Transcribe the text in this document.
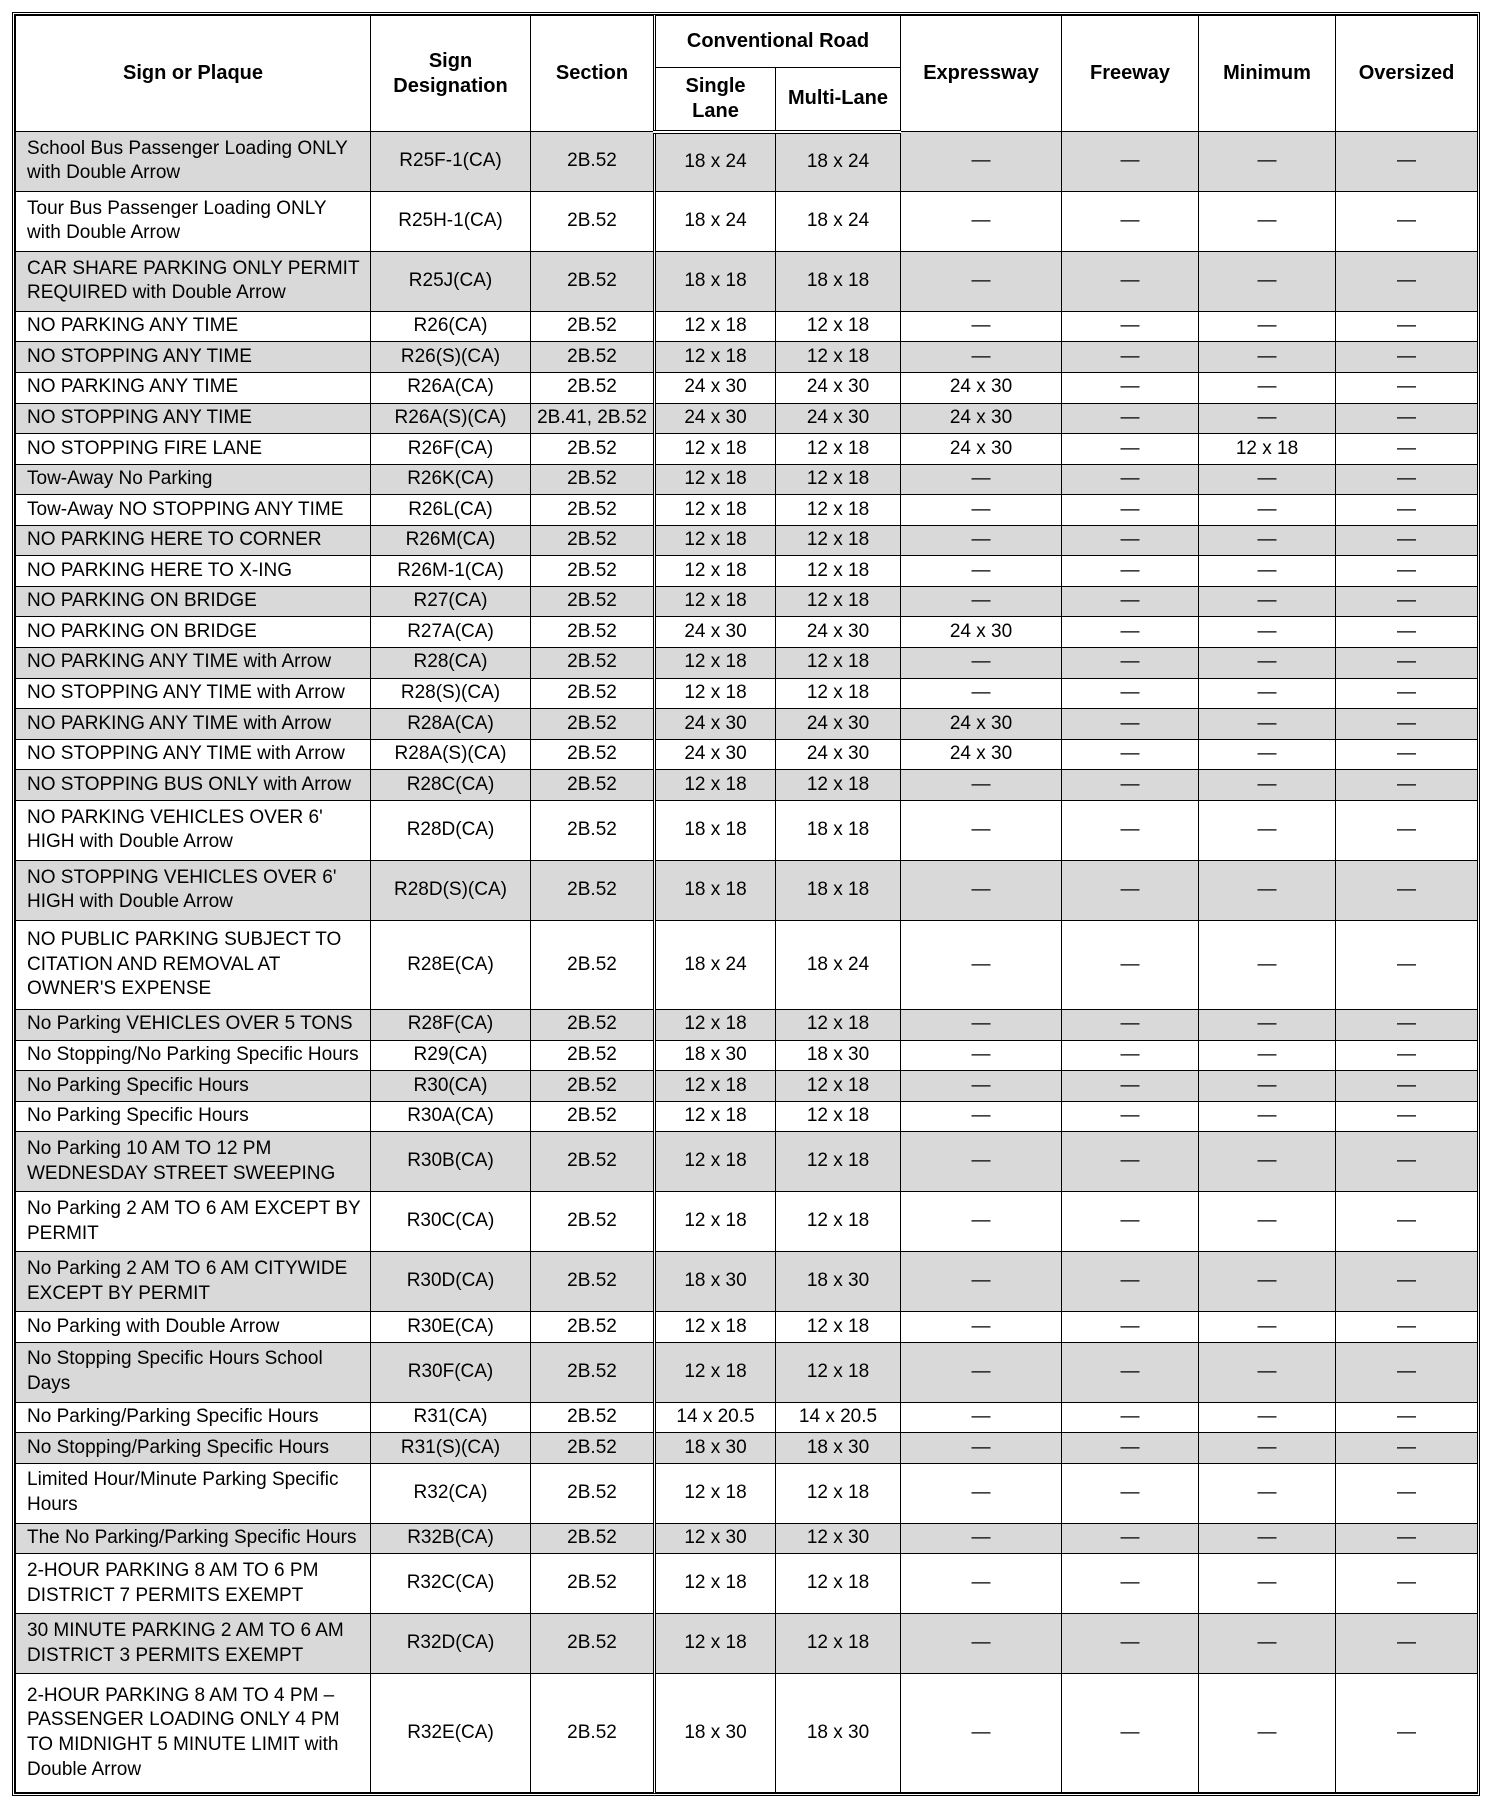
Sign or Plaque	Sign Designation	Section	Conventional Road		Expressway	Freeway	Minimum	Oversized
			Single Lane	Multi-Lane				
School Bus Passenger Loading ONLY with Double Arrow	R25F-1(CA)	2B.52	18 x 24	18 x 24	—	—	—	—
Tour Bus Passenger Loading ONLY with Double Arrow	R25H-1(CA)	2B.52	18 x 24	18 x 24	—	—	—	—
CAR SHARE PARKING ONLY PERMIT REQUIRED with Double Arrow	R25J(CA)	2B.52	18 x 18	18 x 18	—	—	—	—
NO PARKING ANY TIME	R26(CA)	2B.52	12 x 18	12 x 18	—	—	—	—
NO STOPPING ANY TIME	R26(S)(CA)	2B.52	12 x 18	12 x 18	—	—	—	—
NO PARKING ANY TIME	R26A(CA)	2B.52	24 x 30	24 x 30	24 x 30	—	—	—
NO STOPPING ANY TIME	R26A(S)(CA)	2B.41, 2B.52	24 x 30	24 x 30	24 x 30	—	—	—
NO STOPPING FIRE LANE	R26F(CA)	2B.52	12 x 18	12 x 18	24 x 30	—	12 x 18	—
Tow-Away No Parking	R26K(CA)	2B.52	12 x 18	12 x 18	—	—	—	—
Tow-Away NO STOPPING ANY TIME	R26L(CA)	2B.52	12 x 18	12 x 18	—	—	—	—
NO PARKING HERE TO CORNER	R26M(CA)	2B.52	12 x 18	12 x 18	—	—	—	—
NO PARKING HERE TO X-ING	R26M-1(CA)	2B.52	12 x 18	12 x 18	—	—	—	—
NO PARKING ON BRIDGE	R27(CA)	2B.52	12 x 18	12 x 18	—	—	—	—
NO PARKING ON BRIDGE	R27A(CA)	2B.52	24 x 30	24 x 30	24 x 30	—	—	—
NO PARKING ANY TIME with Arrow	R28(CA)	2B.52	12 x 18	12 x 18	—	—	—	—
NO STOPPING ANY TIME with Arrow	R28(S)(CA)	2B.52	12 x 18	12 x 18	—	—	—	—
NO PARKING ANY TIME with Arrow	R28A(CA)	2B.52	24 x 30	24 x 30	24 x 30	—	—	—
NO STOPPING ANY TIME with Arrow	R28A(S)(CA)	2B.52	24 x 30	24 x 30	24 x 30	—	—	—
NO STOPPING BUS ONLY with Arrow	R28C(CA)	2B.52	12 x 18	12 x 18	—	—	—	—
NO PARKING VEHICLES OVER 6' HIGH with Double Arrow	R28D(CA)	2B.52	18 x 18	18 x 18	—	—	—	—
NO STOPPING VEHICLES OVER 6' HIGH with Double Arrow	R28D(S)(CA)	2B.52	18 x 18	18 x 18	—	—	—	—
NO PUBLIC PARKING SUBJECT TO CITATION AND REMOVAL AT OWNER'S EXPENSE	R28E(CA)	2B.52	18 x 24	18 x 24	—	—	—	—
No Parking VEHICLES OVER 5 TONS	R28F(CA)	2B.52	12 x 18	12 x 18	—	—	—	—
No Stopping/No Parking Specific Hours	R29(CA)	2B.52	18 x 30	18 x 30	—	—	—	—
No Parking Specific Hours	R30(CA)	2B.52	12 x 18	12 x 18	—	—	—	—
No Parking Specific Hours	R30A(CA)	2B.52	12 x 18	12 x 18	—	—	—	—
No Parking 10 AM TO 12 PM WEDNESDAY STREET SWEEPING	R30B(CA)	2B.52	12 x 18	12 x 18	—	—	—	—
No Parking 2 AM TO 6 AM EXCEPT BY PERMIT	R30C(CA)	2B.52	12 x 18	12 x 18	—	—	—	—
No Parking 2 AM TO 6 AM CITYWIDE EXCEPT BY PERMIT	R30D(CA)	2B.52	18 x 30	18 x 30	—	—	—	—
No Parking with Double Arrow	R30E(CA)	2B.52	12 x 18	12 x 18	—	—	—	—
No Stopping Specific Hours School Days	R30F(CA)	2B.52	12 x 18	12 x 18	—	—	—	—
No Parking/Parking Specific Hours	R31(CA)	2B.52	14 x 20.5	14 x 20.5	—	—	—	—
No Stopping/Parking Specific Hours	R31(S)(CA)	2B.52	18 x 30	18 x 30	—	—	—	—
Limited Hour/Minute Parking Specific Hours	R32(CA)	2B.52	12 x 18	12 x 18	—	—	—	—
The No Parking/Parking Specific Hours	R32B(CA)	2B.52	12 x 30	12 x 30	—	—	—	—
2-HOUR PARKING 8 AM TO 6 PM DISTRICT 7 PERMITS EXEMPT	R32C(CA)	2B.52	12 x 18	12 x 18	—	—	—	—
30 MINUTE PARKING 2 AM TO 6 AM DISTRICT 3 PERMITS EXEMPT	R32D(CA)	2B.52	12 x 18	12 x 18	—	—	—	—
2-HOUR PARKING 8 AM TO 4 PM – PASSENGER LOADING ONLY 4 PM TO MIDNIGHT 5 MINUTE LIMIT with Double Arrow	R32E(CA)	2B.52	18 x 30	18 x 30	—	—	—	—
